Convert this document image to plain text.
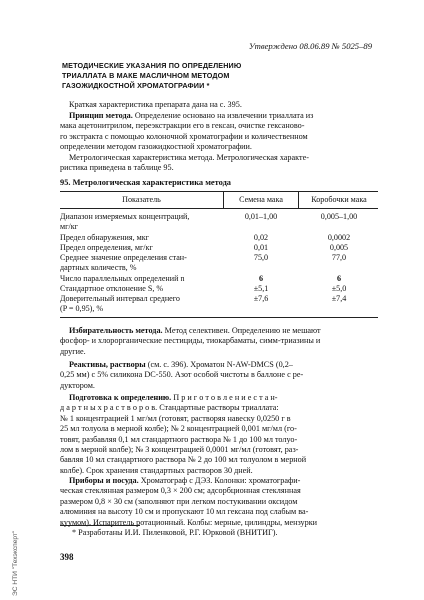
Утверждено 08.06.89 № 5025–89
МЕТОДИЧЕСКИЕ УКАЗАНИЯ ПО ОПРЕДЕЛЕНИЮ
ТРИАЛЛАТА В МАКЕ МАСЛИЧНОМ МЕТОДОМ
ГАЗОЖИДКОСТНОЙ ХРОМАТОГРАФИИ *
Краткая характеристика препарата дана на с. 395.
Принцип метода. Определение основано на извлечении триаллата из
мака ацетонитрилом, переэкстракции его в гексан, очистке гексаново-
го экстракта с помощью колоночной хроматографии и количественном
определении методом газожидкостной хроматографии.
Метрологическая характеристика метода. Метрологическая характе-
ристика приведена в таблице 95.
95. Метрологическая характеристика метода
Показатель	Семена мака	Коробочки мака
Диапазон измеряемых концентраций,
мг/кг
0,01–1,00	0,005–1,00
Предел обнаружения, мкг	0,02	0,0002
Предел определения, мг/кг	0,01	0,005
Среднее значение определения стан-
дартных количеств, %
75,0	77,0
Число параллельных определений n	6	6
Стандартное отклонение S, %	±5,1	±5,0
Доверительный интервал среднего
(P = 0,95), %
±7,6	±7,4
Избирательность метода. Метод селективен. Определению не мешают
фосфор- и хлорорганические пестициды, тиокарбаматы, симм-триазины и
другие.
Реактивы, растворы (см. с. 396). Хроматон N-AW-DMCS (0,2–
0,25 мм) с 5% силикона DC-550. Азот особой чистоты в баллоне с ре-
дуктором.
Подготовка к определению. П р и г о т о в л е н и е с т а н-
д а р т н ы х р а с т в о р о в. Стандартные растворы триаллата:
№ 1 концентрацией 1 мг/мл (готовят, растворяя навеску 0,0250 г в
25 мл толуола в мерной колбе); № 2 концентрацией 0,001 мг/мл (го-
товят, разбавляя 0,1 мл стандартного раствора № 1 до 100 мл толуо-
лом в мерной колбе); № 3 концентрацией 0,0001 мг/мл (готовят, раз-
бавляя 10 мл стандартного раствора № 2 до 100 мл толуолом в мерной
колбе). Срок хранения стандартных растворов 30 дней.
Приборы и посуда. Хроматограф с ДЭЗ. Колонки: хроматографи-
ческая стеклянная размером 0,3 × 200 см; адсорбционная стеклянная
размером 0,8 × 30 см (заполняют при легком постукивании оксидом
алюминия на высоту 10 см и пропускают 10 мл гексана под слабым ва-
куумом). Испаритель ротационный. Колбы: мерные, цилиндры, мензурки
* Разработаны И.И. Пиленковой, Р.Г. Юрковой (ВНИТИГ).
398
ЭС НТИ "Техэксперт"
